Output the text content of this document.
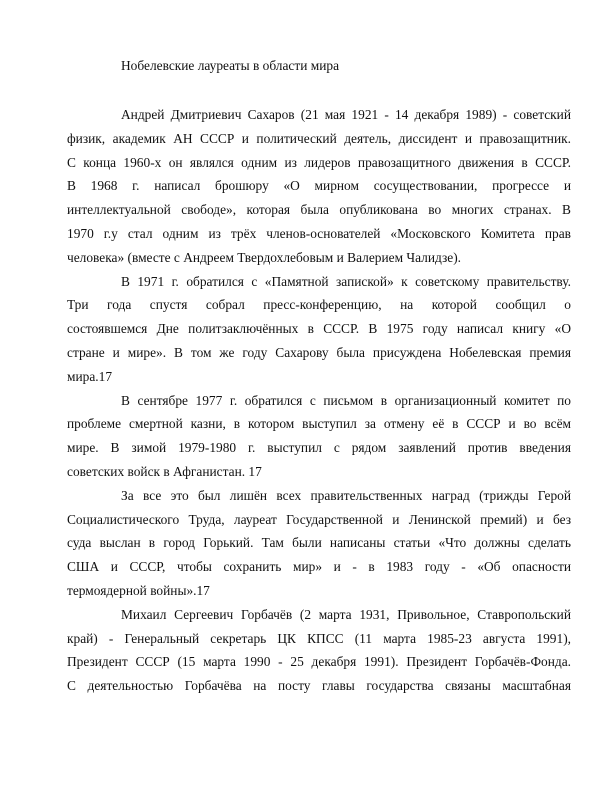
Нобелевские лауреаты в области мира
Андрей Дмитриевич Сахаров (21 мая 1921 - 14 декабря 1989) - советский
физик, академик АН СССР и политический деятель, диссидент и правозащитник.
С конца 1960-х он являлся одним из лидеров правозащитного движения в СССР.
В 1968 г. написал брошюру «О мирном сосуществовании, прогрессе и
интеллектуальной свободе», которая была опубликована во многих странах. В
1970 г.у стал одним из трёх членов-основателей «Московского Комитета прав
человека» (вместе с Андреем Твердохлебовым и Валерием Чалидзе).
В 1971 г. обратился с «Памятной запиской» к советскому правительству.
Три года спустя собрал пресс-конференцию, на которой сообщил о
состоявшемся Дне политзаключённых в СССР. В 1975 году написал книгу «О
стране и мире». В том же году Сахарову была присуждена Нобелевская премия
мира.17
В сентябре 1977 г. обратился с письмом в организационный комитет по
проблеме смертной казни, в котором выступил за отмену её в СССР и во всём
мире. В зимой 1979-1980 г. выступил с рядом заявлений против введения
советских войск в Афганистан. 17
За все это был лишён всех правительственных наград (трижды Герой
Социалистического Труда, лауреат Государственной и Ленинской премий) и без
суда выслан в город Горький. Там были написаны статьи «Что должны сделать
США и СССР, чтобы сохранить мир» и - в 1983 году - «Об опасности
термоядерной войны».17
Михаил Сергеевич Горбачёв (2 марта 1931, Привольное, Ставропольский
край) - Генеральный секретарь ЦК КПСС (11 марта 1985-23 августа 1991),
Президент СССР (15 марта 1990 - 25 декабря 1991). Президент Горбачёв-Фонда.
С деятельностью Горбачёва на посту главы государства связаны масштабная
